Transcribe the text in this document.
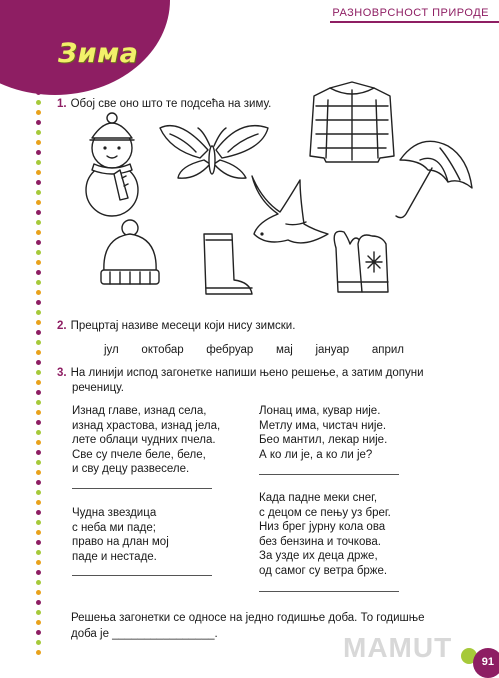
Зима
РАЗНОВРСНОСТ ПРИРОДЕ
1. Обој све оно што те подсећа на зиму.
2. Прецртај називе месеци који нису зимски.
јул октобар фебруар мај јануар април
3. На линији испод загонетке напиши њено решење, а затим допуни
реченицу.
Изнад главе, изнад села,
изнад храстова, изнад јела,
лете облаци чудних пчела.
Све су пчеле беле, беле,
и сву децу развеселе.
Чудна звездица
с неба ми паде;
право на длан мој
паде и нестаде.
Лонац има, кувар није.
Метлу има, чистач није.
Бео мантил, лекар није.
А ко ли је, а ко ли је?
Када падне меки снег,
с децом се пењу уз брег.
Низ брег јурну кола ова
без бензина и точкова.
За узде их деца држе,
од самог су ветра брже.
Решења загонетки се односе на једно годишње доба. То годишње
доба је ________________.	MAMUT	91
